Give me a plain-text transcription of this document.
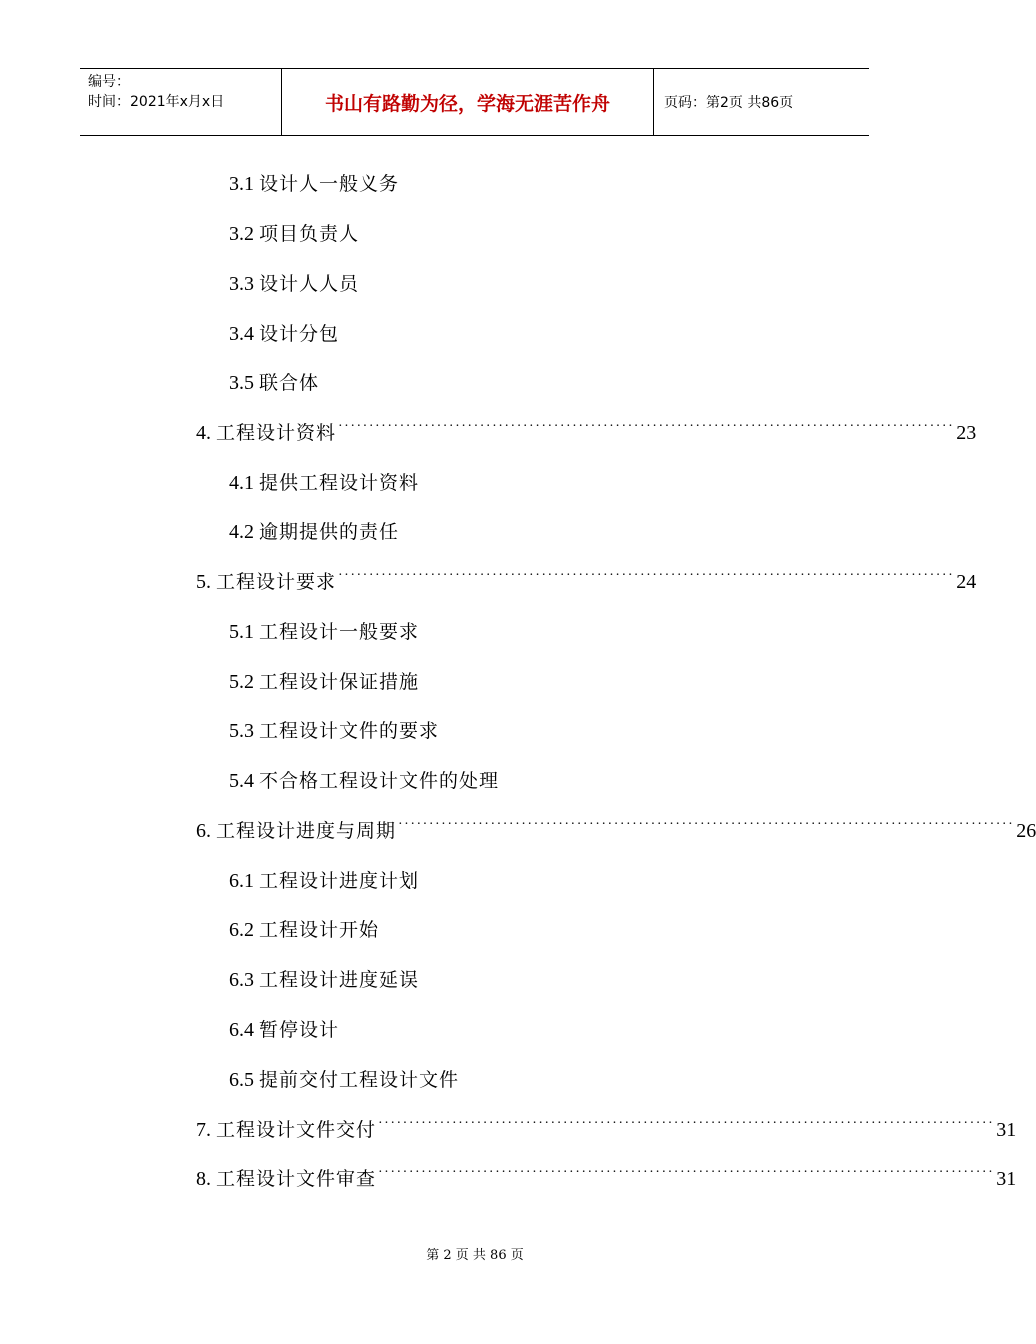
编号：
时间：2021年x月x日	书山有路勤为径，学海无涯苦作舟	页码：第2页 共86页
3.1
设计人一般义务
3.2
项目负责人
3.3
设计人人员
3.4
设计分包
3.5
联合体
4.
工程设计资料 ···································································································· 23
4.1
提供工程设计资料
4.2
逾期提供的责任
5.
工程设计要求 ···································································································· 24
5.1
工程设计一般要求
5.2
工程设计保证措施
5.3
工程设计文件的要求
5.4
不合格工程设计文件的处理
6.
工程设计进度与周期 ···································································································· 26
6.1
工程设计进度计划
6.2
工程设计开始
6.3
工程设计进度延误
6.4
暂停设计
6.5
提前交付工程设计文件
7.
工程设计文件交付 ···································································································· 31
8.
工程设计文件审查 ···································································································· 31
第 2 页 共 86 页
